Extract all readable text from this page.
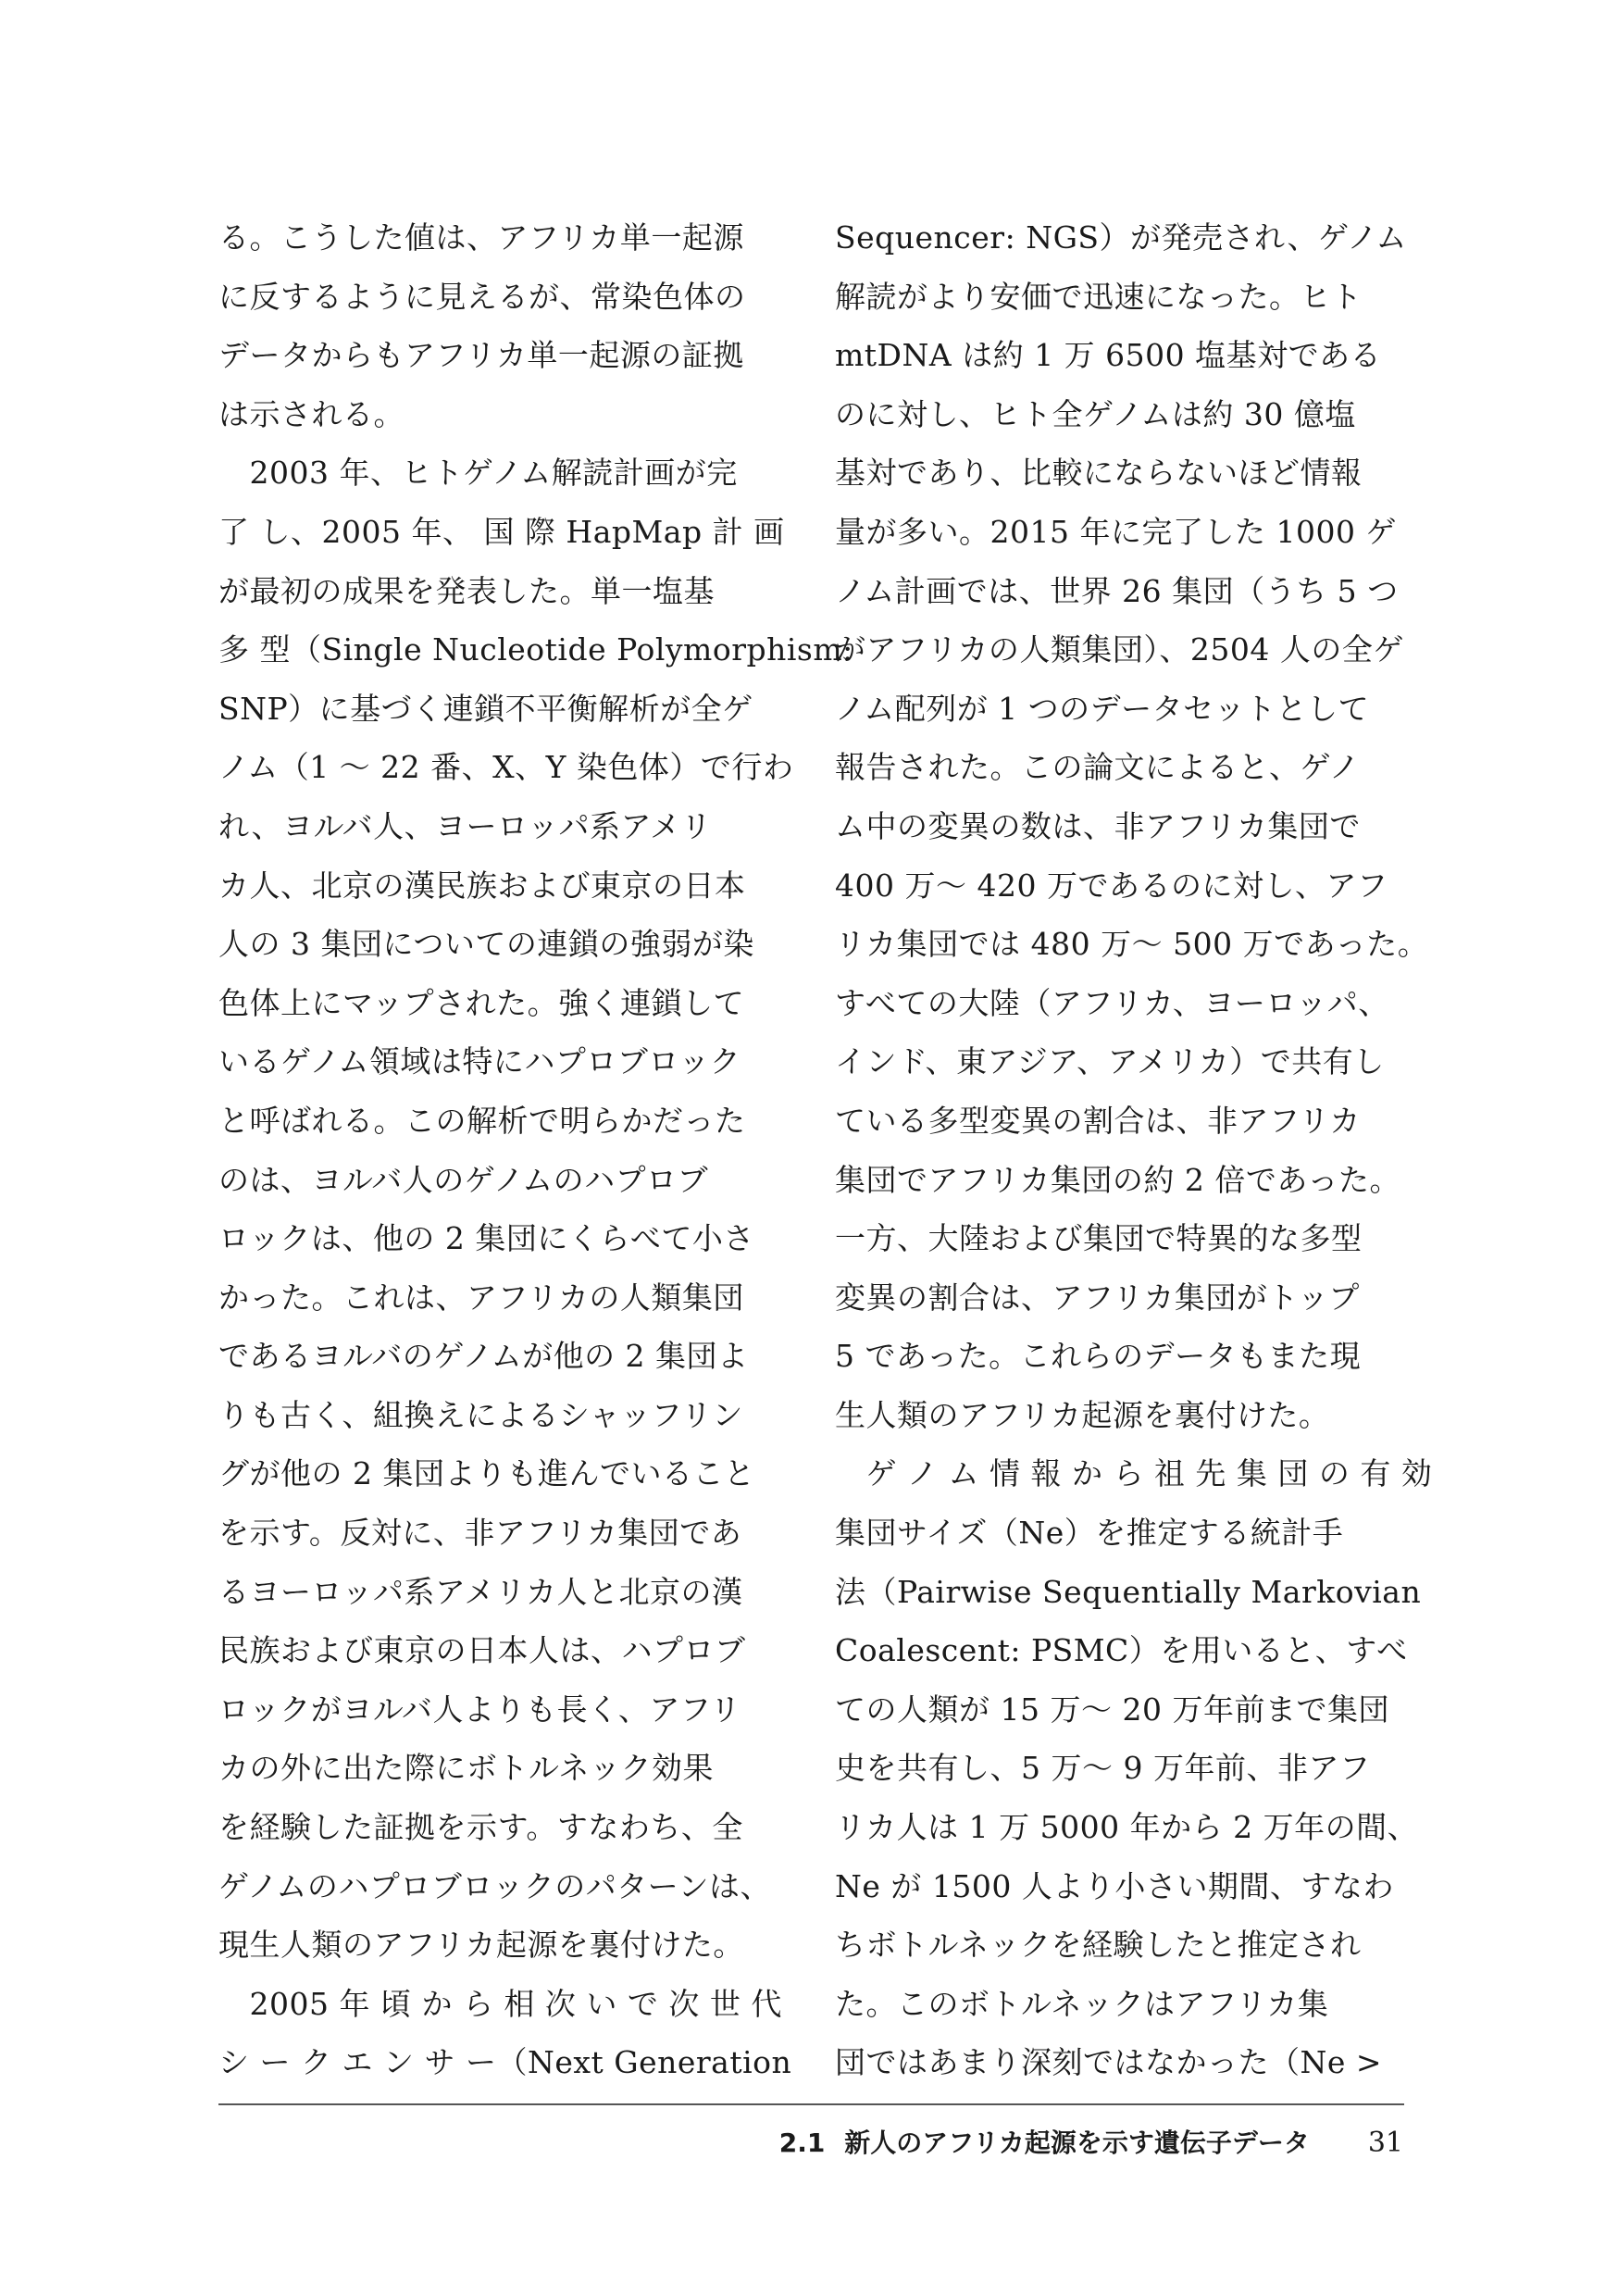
る。こうした値は、アフリカ単一起源
に反するように見えるが、常染色体の
データからもアフリカ単一起源の証拠
は示される。
　2003 年、ヒトゲノム解読計画が完
了 し、2005 年、 国 際 HapMap 計 画
が最初の成果を発表した。単一塩基
多 型（Single Nucleotide Polymorphism:
SNP）に基づく連鎖不平衡解析が全ゲ
ノム（1 ～ 22 番、X、Y 染色体）で行わ
れ、ヨルバ人、ヨーロッパ系アメリ
カ人、北京の漢民族および東京の日本
人の 3 集団についての連鎖の強弱が染
色体上にマップされた。強く連鎖して
いるゲノム領域は特にハプロブロック
と呼ばれる。この解析で明らかだった
のは、ヨルバ人のゲノムのハプロブ
ロックは、他の 2 集団にくらべて小さ
かった。これは、アフリカの人類集団
であるヨルバのゲノムが他の 2 集団よ
りも古く、組換えによるシャッフリン
グが他の 2 集団よりも進んでいること
を示す。反対に、非アフリカ集団であ
るヨーロッパ系アメリカ人と北京の漢
民族および東京の日本人は、ハプロブ
ロックがヨルバ人よりも長く、アフリ
カの外に出た際にボトルネック効果
を経験した証拠を示す。すなわち、全
ゲノムのハプロブロックのパターンは、
現生人類のアフリカ起源を裏付けた。
　2005 年 頃 か ら 相 次 い で 次 世 代
シ ー ク エ ン サ ー（Next Generation
Sequencer: NGS）が発売され、ゲノム
解読がより安価で迅速になった。ヒト
mtDNA は約 1 万 6500 塩基対である
のに対し、ヒト全ゲノムは約 30 億塩
基対であり、比較にならないほど情報
量が多い。2015 年に完了した 1000 ゲ
ノム計画では、世界 26 集団（うち 5 つ
がアフリカの人類集団）、2504 人の全ゲ
ノム配列が 1 つのデータセットとして
報告された。この論文によると、ゲノ
ム中の変異の数は、非アフリカ集団で
400 万～ 420 万であるのに対し、アフ
リカ集団では 480 万～ 500 万であった。
すべての大陸（アフリカ、ヨーロッパ、
インド、東アジア、アメリカ）で共有し
ている多型変異の割合は、非アフリカ
集団でアフリカ集団の約 2 倍であった。
一方、大陸および集団で特異的な多型
変異の割合は、アフリカ集団がトップ
5 であった。これらのデータもまた現
生人類のアフリカ起源を裏付けた。
　ゲ ノ ム 情 報 か ら 祖 先 集 団 の 有 効
集団サイズ（Ne）を推定する統計手
法（Pairwise Sequentially Markovian
Coalescent: PSMC）を用いると、すべ
ての人類が 15 万～ 20 万年前まで集団
史を共有し、5 万～ 9 万年前、非アフ
リカ人は 1 万 5000 年から 2 万年の間、
Ne が 1500 人より小さい期間、すなわ
ちボトルネックを経験したと推定され
た。このボトルネックはアフリカ集
団ではあまり深刻ではなかった（Ne >
2.1 新人のアフリカ起源を示す遺伝子データ 31
